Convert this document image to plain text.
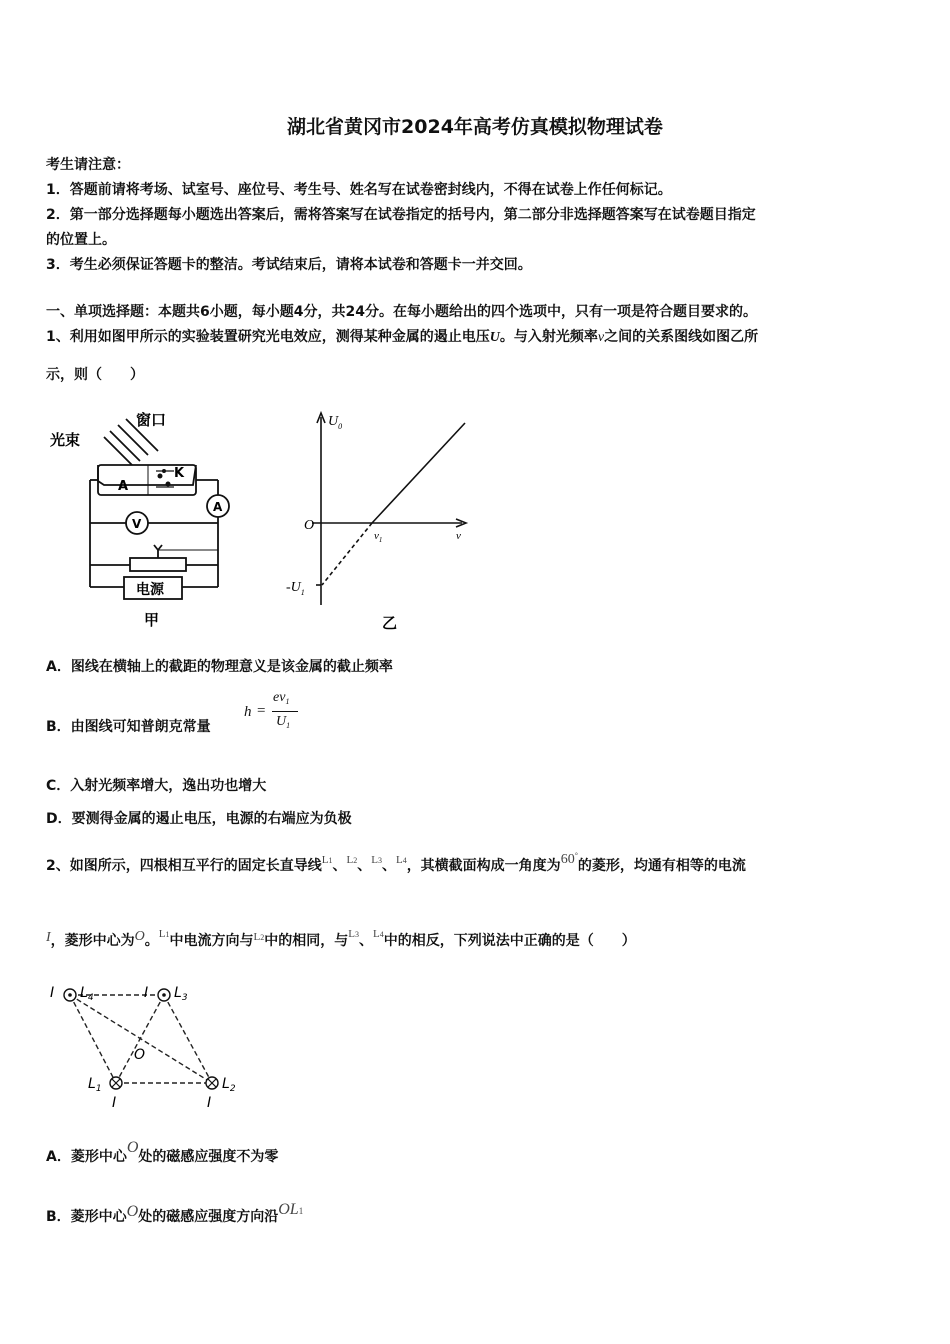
湖北省黄冈市2024年高考仿真模拟物理试卷
考生请注意：
1．答题前请将考场、试室号、座位号、考生号、姓名写在试卷密封线内，不得在试卷上作任何标记。
2．第一部分选择题每小题选出答案后，需将答案写在试卷指定的括号内，第二部分非选择题答案写在试卷题目指定
的位置上。
3．考生必须保证答题卡的整洁。考试结束后，请将本试卷和答题卡一并交回。
一、单项选择题：本题共6小题，每小题4分，共24分。在每小题给出的四个选项中，只有一项是符合题目要求的。
1、利用如图甲所示的实验装置研究光电效应，测得某种金属的遏止电压U。与入射光频率v之间的关系图线如图乙所
示，则（　　）
窗口
光束
A
K
A
V
电源
甲
$U_0$
O
$v_1$	v
$-U_1$
乙
A．图线在横轴上的截距的物理意义是该金属的截止频率
B．由图线可知普朗克常量
h =
$ev_1$
$U_1$
C．入射光频率增大，逸出功也增大
D．要测得金属的遏止电压，电源的右端应为负极
2、如图所示，四根相互平行的固定长直导线$^{L1}$、$^{L2}$、$^{L3}$、$^{L4}$，其横截面构成一角度为60°的菱形，均通有相等的电流
I，菱形中心为O。$^{L1}$中电流方向与$^{L2}$中的相同，与$^{L3}$、$^{L4}$中的相反，下列说法中正确的是（　　）
I $L_4$	I $L_3$
O
$L_1$
I
$L_2$
I
A．菱形中心O处的磁感应强度不为零
B．菱形中心O处的磁感应强度方向沿OL1
